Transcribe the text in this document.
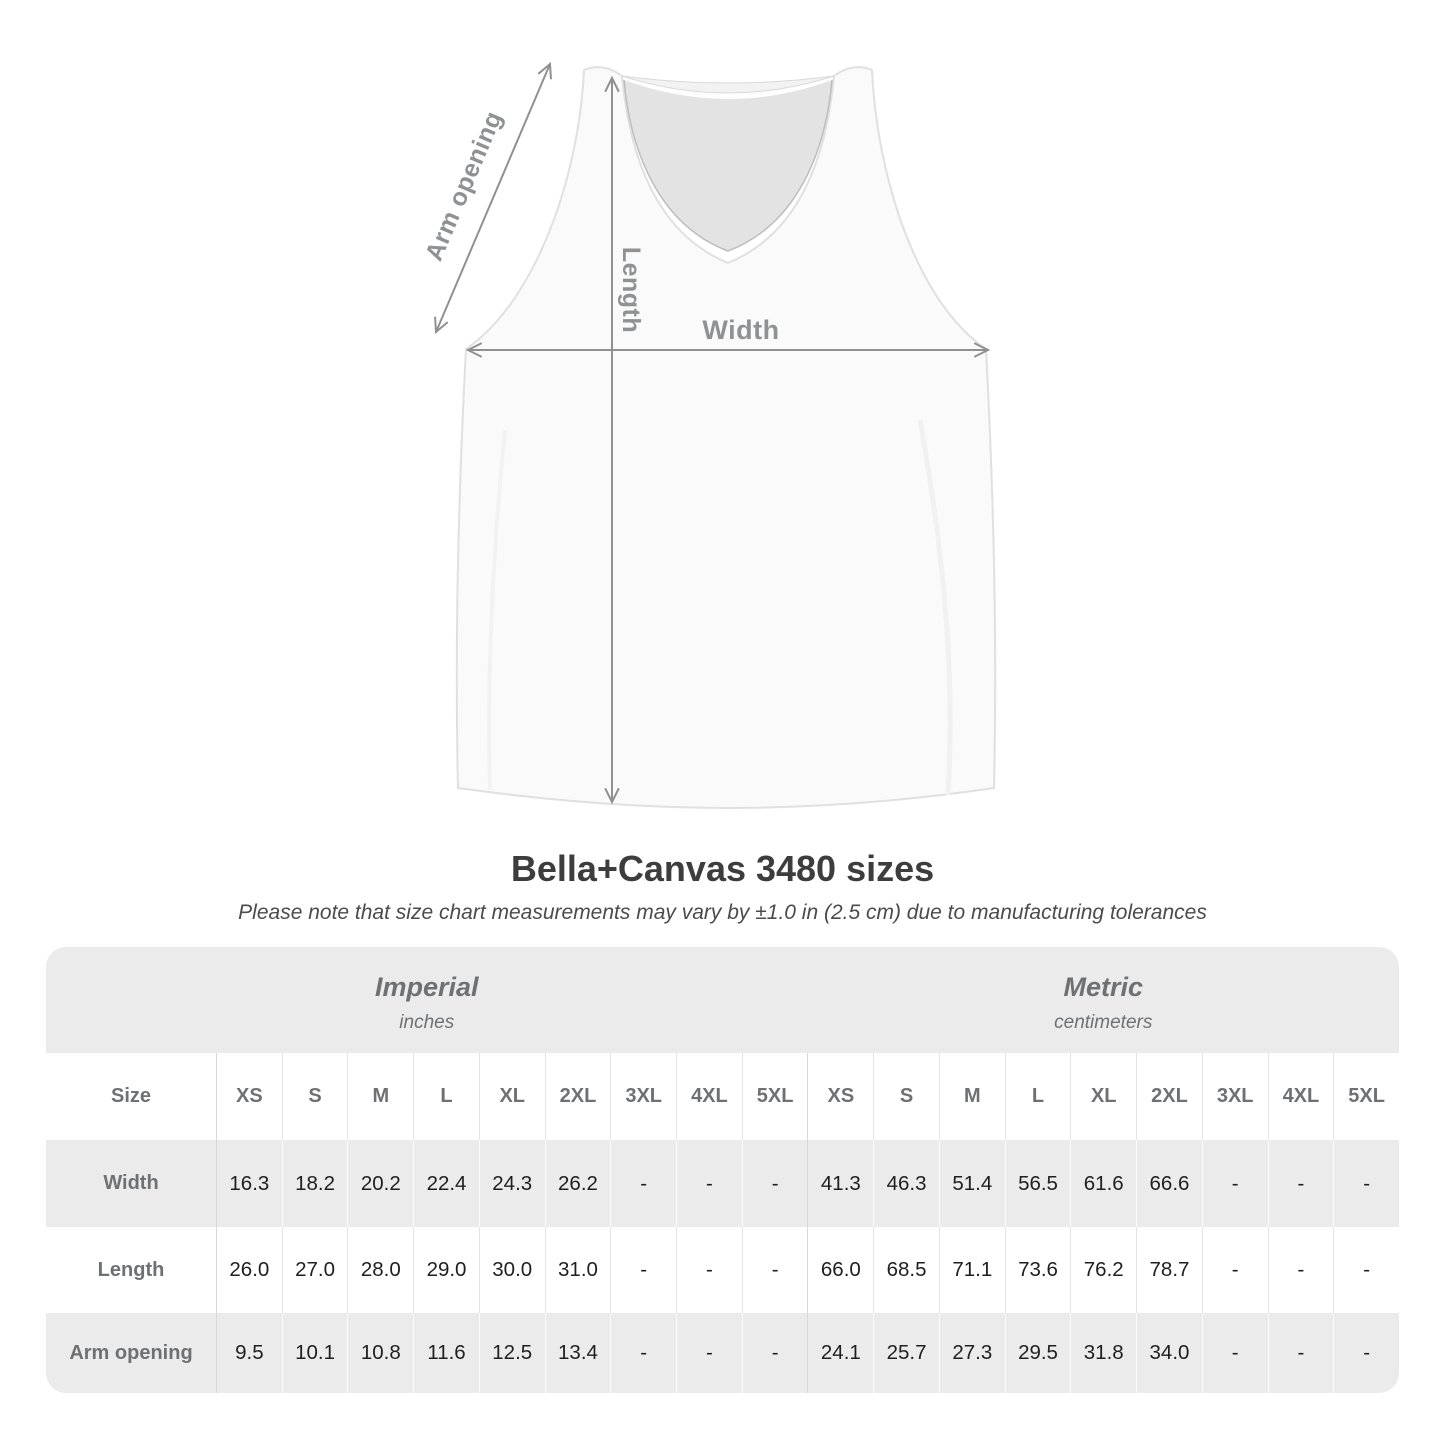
Arm opening
Length Width
Bella+Canvas 3480 sizes

Please note that size chart measurements may vary by ±1.0 in (2.5 cm) due to manufacturing tolerances

Imperial
inches
Metric
centimeters
Size	XS	S	M	L	XL	2XL	3XL	4XL	5XL	XS	S	M	L	XL	2XL	3XL	4XL	5XL
Width	16.3	18.2	20.2	22.4	24.3	26.2	-	-	-	41.3	46.3	51.4	56.5	61.6	66.6	-	-	-
Length	26.0	27.0	28.0	29.0	30.0	31.0	-	-	-	66.0	68.5	71.1	73.6	76.2	78.7	-	-	-
Arm opening	9.5	10.1	10.8	11.6	12.5	13.4	-	-	-	24.1	25.7	27.3	29.5	31.8	34.0	-	-	-
